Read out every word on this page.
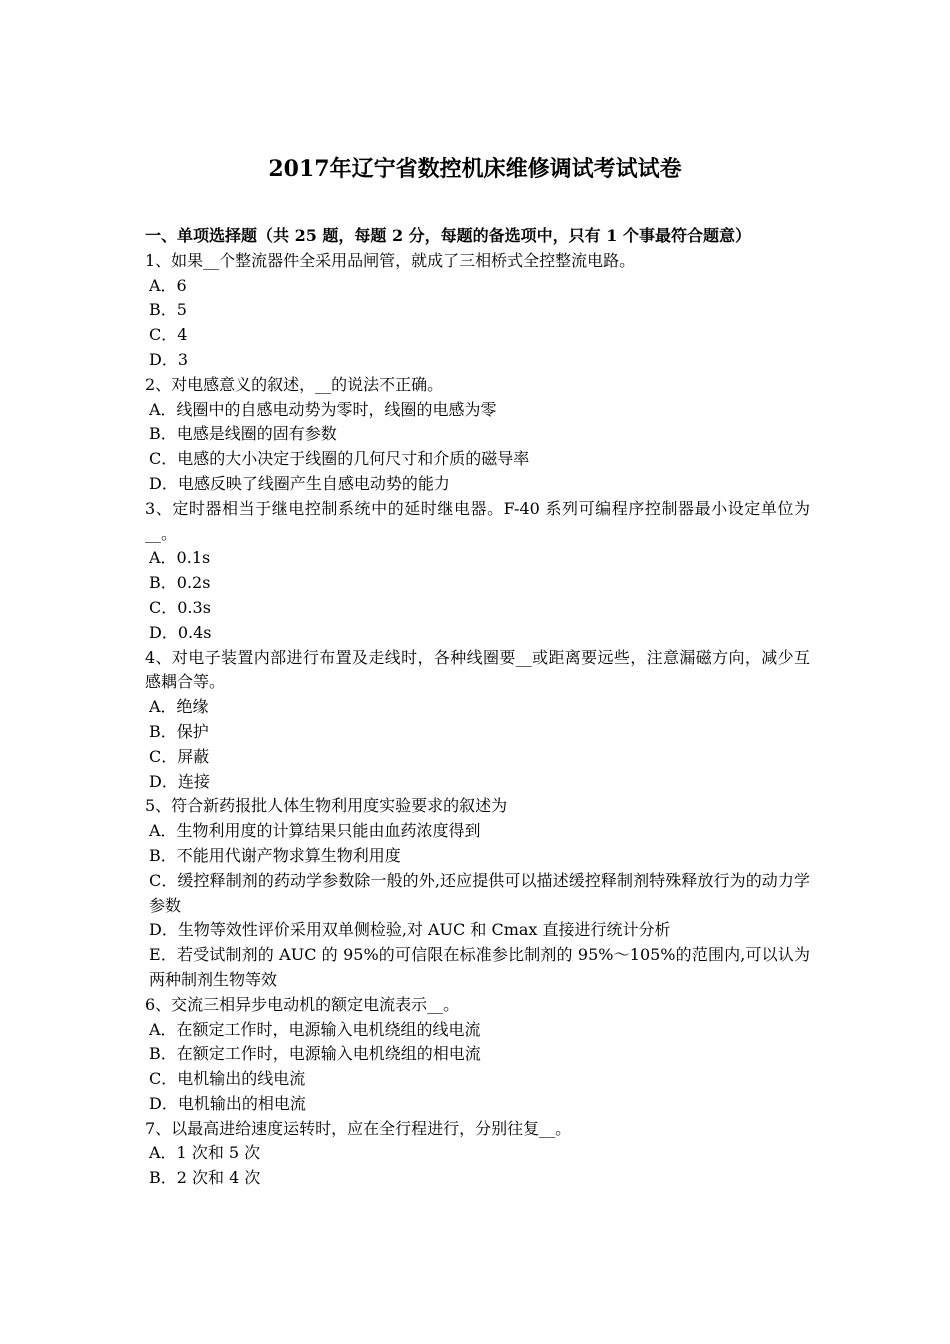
2017年辽宁省数控机床维修调试考试试卷

一、单项选择题（共 25 题，每题 2 分，每题的备选项中，只有 1 个事最符合题意）

1、如果__个整流器件全采用品闸管，就成了三相桥式全控整流电路。

A．6

B．5

C．4

D．3

2、对电感意义的叙述，__的说法不正确。

A．线圈中的自感电动势为零时，线圈的电感为零

B．电感是线圈的固有参数

C．电感的大小决定于线圈的几何尺寸和介质的磁导率

D．电感反映了线圈产生自感电动势的能力

3、定时器相当于继电控制系统中的延时继电器。F-40 系列可编程序控制器最小设定单位为__。

A．0.1s

B．0.2s

C．0.3s

D．0.4s

4、对电子装置内部进行布置及走线时，各种线圈要__或距离要远些，注意漏磁方向，减少互感耦合等。

A．绝缘

B．保护

C．屏蔽

D．连接

5、符合新药报批人体生物利用度实验要求的叙述为

A．生物利用度的计算结果只能由血药浓度得到

B．不能用代谢产物求算生物利用度

C．缓控释制剂的药动学参数除一般的外,还应提供可以描述缓控释制剂特殊释放行为的动力学参数

D．生物等效性评价采用双单侧检验,对 AUC 和 Cmax 直接进行统计分析

E．若受试制剂的 AUC 的 95%的可信限在标准参比制剂的 95%～105%的范围内,可以认为两种制剂生物等效

6、交流三相异步电动机的额定电流表示__。

A．在额定工作时，电源输入电机绕组的线电流

B．在额定工作时，电源输入电机绕组的相电流

C．电机输出的线电流

D．电机输出的相电流

7、以最高进给速度运转时，应在全行程进行，分别往复__。

A．1 次和 5 次

B．2 次和 4 次
